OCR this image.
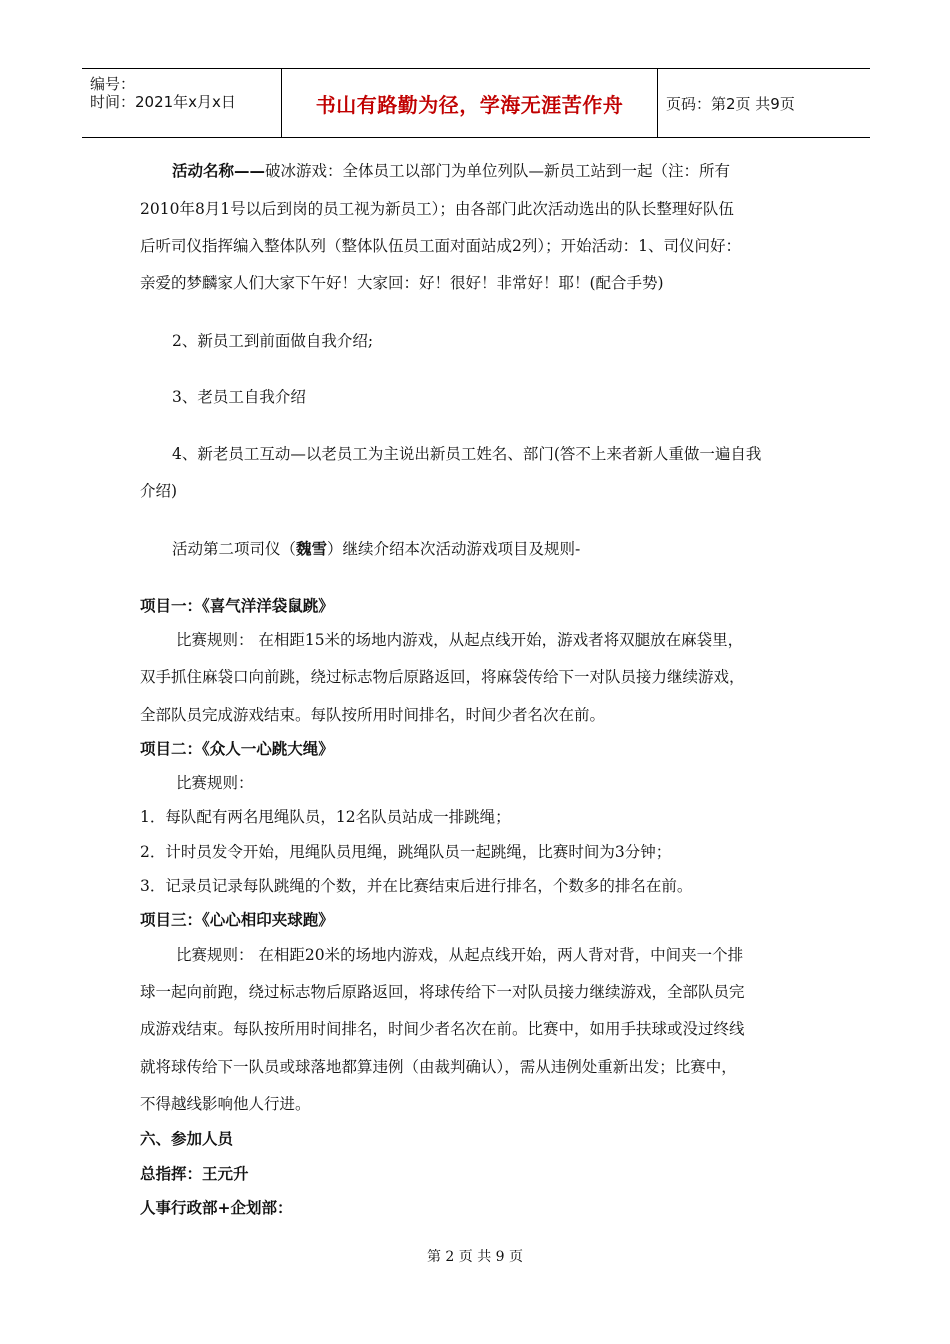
编号：
时间：2021年x月x日	书山有路勤为径，学海无涯苦作舟	页码：第2页 共9页
活动名称——破冰游戏：全体员工以部门为单位列队—新员工站到一起（注：所有
2010年8月1号以后到岗的员工视为新员工）；由各部门此次活动选出的队长整理好队伍
后听司仪指挥编入整体队列（整体队伍员工面对面站成2列）；开始活动：1、司仪问好：
亲爱的梦麟家人们大家下午好！大家回：好！很好！非常好！耶！(配合手势)
2、新员工到前面做自我介绍;
3、老员工自我介绍
4、新老员工互动—以老员工为主说出新员工姓名、部门(答不上来者新人重做一遍自我
介绍)
活动第二项司仪（魏雪）继续介绍本次活动游戏项目及规则-
项目一：《喜气洋洋袋鼠跳》
比赛规则： 在相距15米的场地内游戏，从起点线开始，游戏者将双腿放在麻袋里，
双手抓住麻袋口向前跳，绕过标志物后原路返回，将麻袋传给下一对队员接力继续游戏，
全部队员完成游戏结束。每队按所用时间排名，时间少者名次在前。
项目二：《众人一心跳大绳》
比赛规则：
1．每队配有两名甩绳队员，12名队员站成一排跳绳；
2．计时员发令开始，甩绳队员甩绳，跳绳队员一起跳绳，比赛时间为3分钟；
3．记录员记录每队跳绳的个数，并在比赛结束后进行排名，个数多的排名在前。
项目三：《心心相印夹球跑》
比赛规则： 在相距20米的场地内游戏，从起点线开始，两人背对背，中间夹一个排
球一起向前跑，绕过标志物后原路返回，将球传给下一对队员接力继续游戏，全部队员完
成游戏结束。每队按所用时间排名，时间少者名次在前。比赛中，如用手扶球或没过终线
就将球传给下一队员或球落地都算违例（由裁判确认），需从违例处重新出发；比赛中，
不得越线影响他人行进。
六、参加人员
总指挥：王元升
人事行政部+企划部：
第 2 页 共 9 页
